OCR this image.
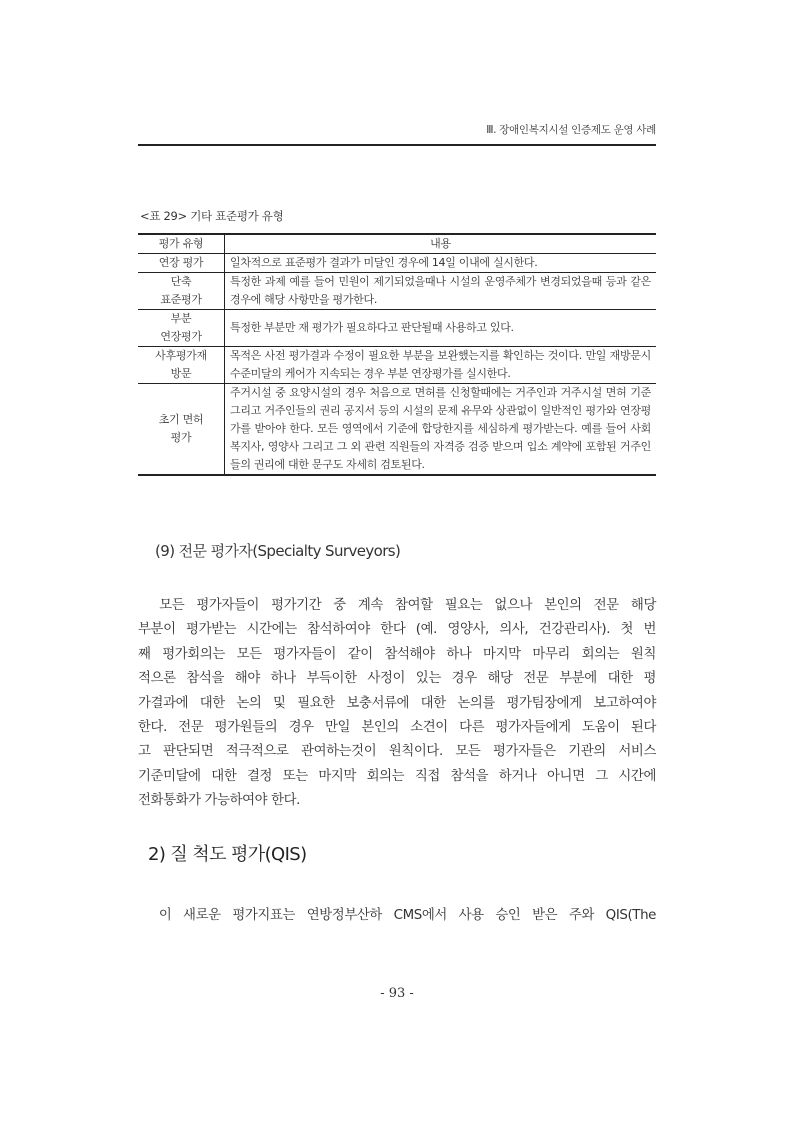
Ⅲ. 장애인복지시설 인증제도 운영 사례
<표 29> 기타 표준평가 유형
평가 유형	내용
연장 평가	일차적으로 표준평가 결과가 미달인 경우에 14일 이내에 실시한다.
단축
표준평가	특정한 과제 예를 들어 민원이 제기되었을때나 시설의 운영주체가 변경되었을때 등과 같은 경우에 해당 사항만을 평가한다.
부분
연장평가	특정한 부분만 재 평가가 필요하다고 판단될때 사용하고 있다.
사후평가재
방문	목적은 사전 평가결과 수정이 필요한 부분을 보완했는지를 확인하는 것이다. 만일 재방문시 수준미달의 케어가 지속되는 경우 부분 연장평가를 실시한다.
초기 면허
평가	주거시설 중 요양시설의 경우 처음으로 면허를 신청할때에는 거주인과 거주시설 면허 기준 그리고 거주인들의 권리 공지서 등의 시설의 문제 유무와 상관없이 일반적인 평가와 연장평가를 받아야 한다. 모든 영역에서 기준에 합당한지를 세심하게 평가받는다. 예를 들어 사회복지사, 영양사 그리고 그 외 관련 직원들의 자격증 검증 받으며 입소 계약에 포함된 거주인들의 권리에 대한 문구도 자세히 검토된다.
(9) 전문 평가자(Specialty Surveyors)
　모든 평가자들이 평가기간 중 계속 참여할 필요는 없으나 본인의 전문 해당
부분이 평가받는 시간에는 참석하여야 한다 (예. 영양사, 의사, 건강관리사). 첫 번
째 평가회의는 모든 평가자들이 같이 참석해야 하나 마지막 마무리 회의는 원칙
적으론 참석을 해야 하나 부득이한 사정이 있는 경우 해당 전문 부분에 대한 평
가결과에 대한 논의 및 필요한 보충서류에 대한 논의를 평가팀장에게 보고하여야
한다. 전문 평가원들의 경우 만일 본인의 소견이 다른 평가자들에게 도움이 된다
고 판단되면 적극적으로 관여하는것이 원칙이다. 모든 평가자들은 기관의 서비스
기준미달에 대한 결정 또는 마지막 회의는 직접 참석을 하거나 아니면 그 시간에
전화통화가 가능하여야 한다.
2) 질 척도 평가(QIS)
　이 새로운 평가지표는 연방정부산하 CMS에서 사용 승인 받은 주와 QIS(The
- 93 -
